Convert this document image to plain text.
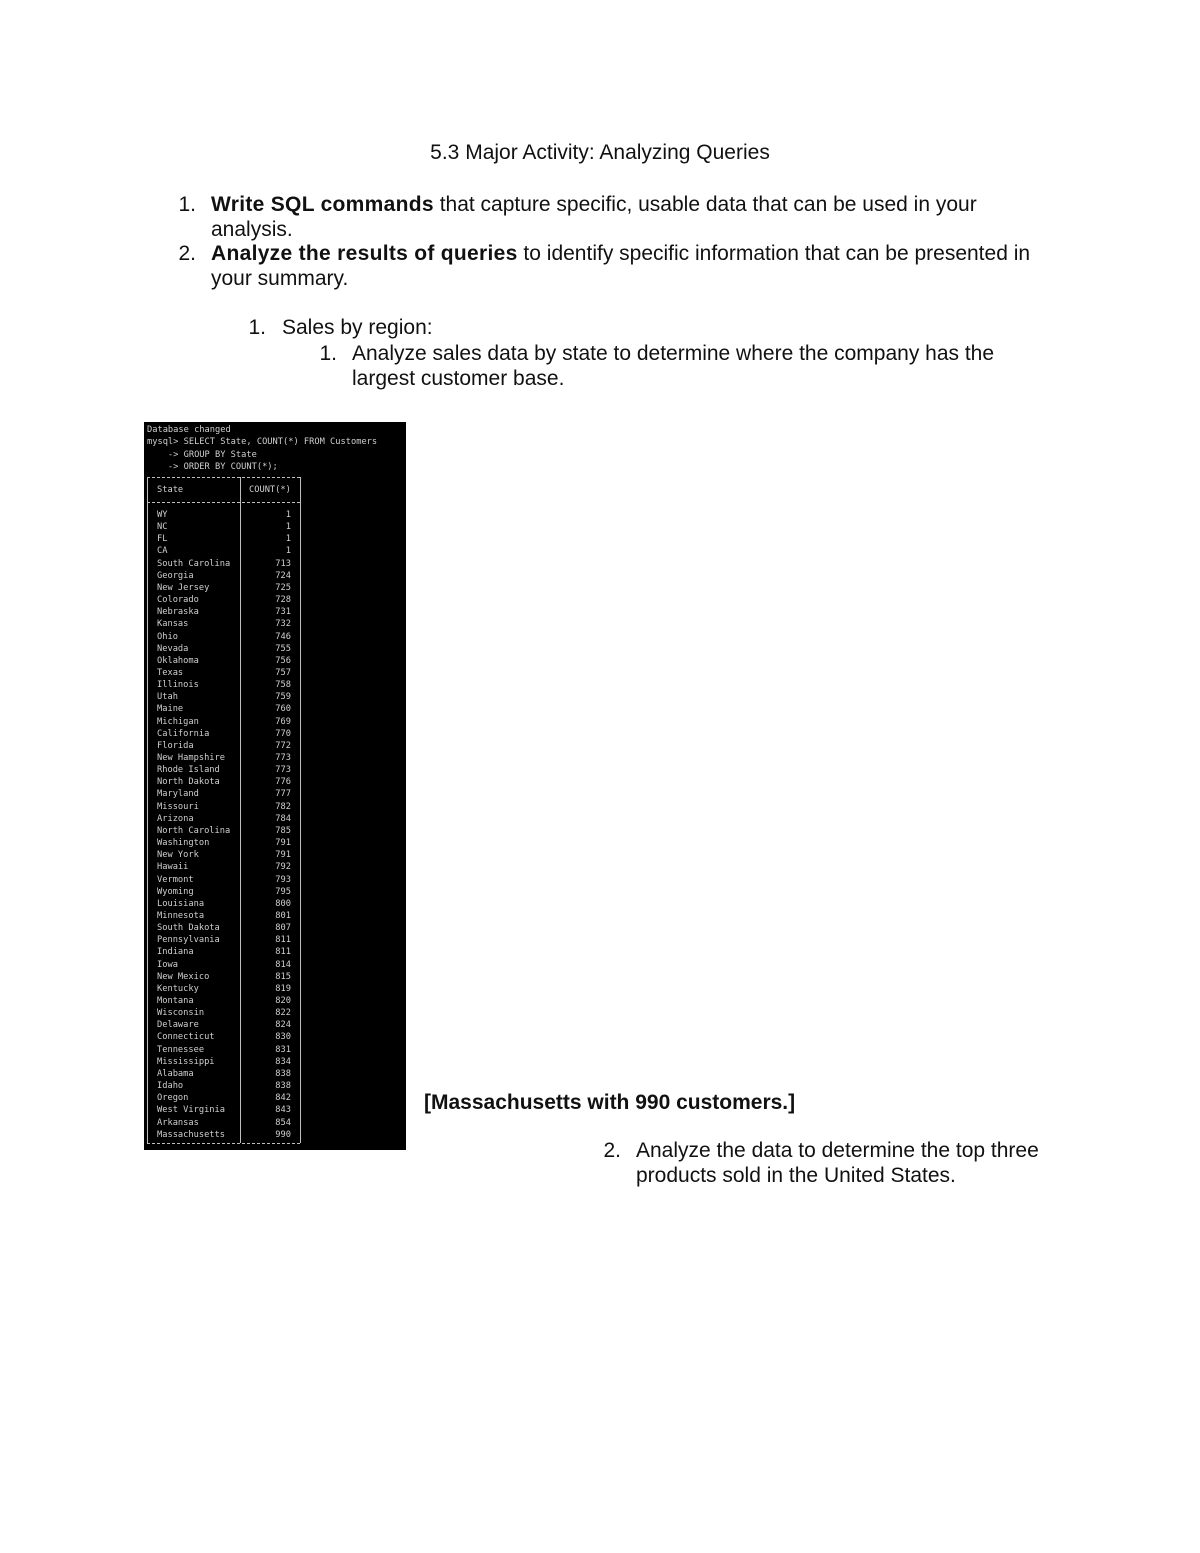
5.3 Major Activity: Analyzing Queries
1. Write SQL commands that capture specific, usable data that can be used in your
analysis.
2. Analyze the results of queries to identify specific information that can be presented in
your summary.
1. Sales by region:
1. Analyze sales data by state to determine where the company has the
largest customer base.
Database changed
mysql> SELECT State, COUNT(*) FROM Customers
-> GROUP BY State
-> ORDER BY COUNT(*);
State	COUNT(*)
WY	1
NC	1
FL	1
CA	1
South Carolina	713
Georgia	724
New Jersey	725
Colorado	728
Nebraska	731
Kansas	732
Ohio	746
Nevada	755
Oklahoma	756
Texas	757
Illinois	758
Utah	759
Maine	760
Michigan	769
California	770
Florida	772
New Hampshire	773
Rhode Island	773
North Dakota	776
Maryland	777
Missouri	782
Arizona	784
North Carolina	785
Washington	791
New York	791
Hawaii	792
Vermont	793
Wyoming	795
Louisiana	800
Minnesota	801
South Dakota	807
Pennsylvania	811
Indiana	811
Iowa	814
New Mexico	815
Kentucky	819
Montana	820
Wisconsin	822
Delaware	824
Connecticut	830
Tennessee	831
Mississippi	834
Alabama	838
Idaho	838
Oregon	842
West Virginia	843
Arkansas	854
Massachusetts	990
[Massachusetts with 990 customers.]
2. Analyze the data to determine the top three
products sold in the United States.
